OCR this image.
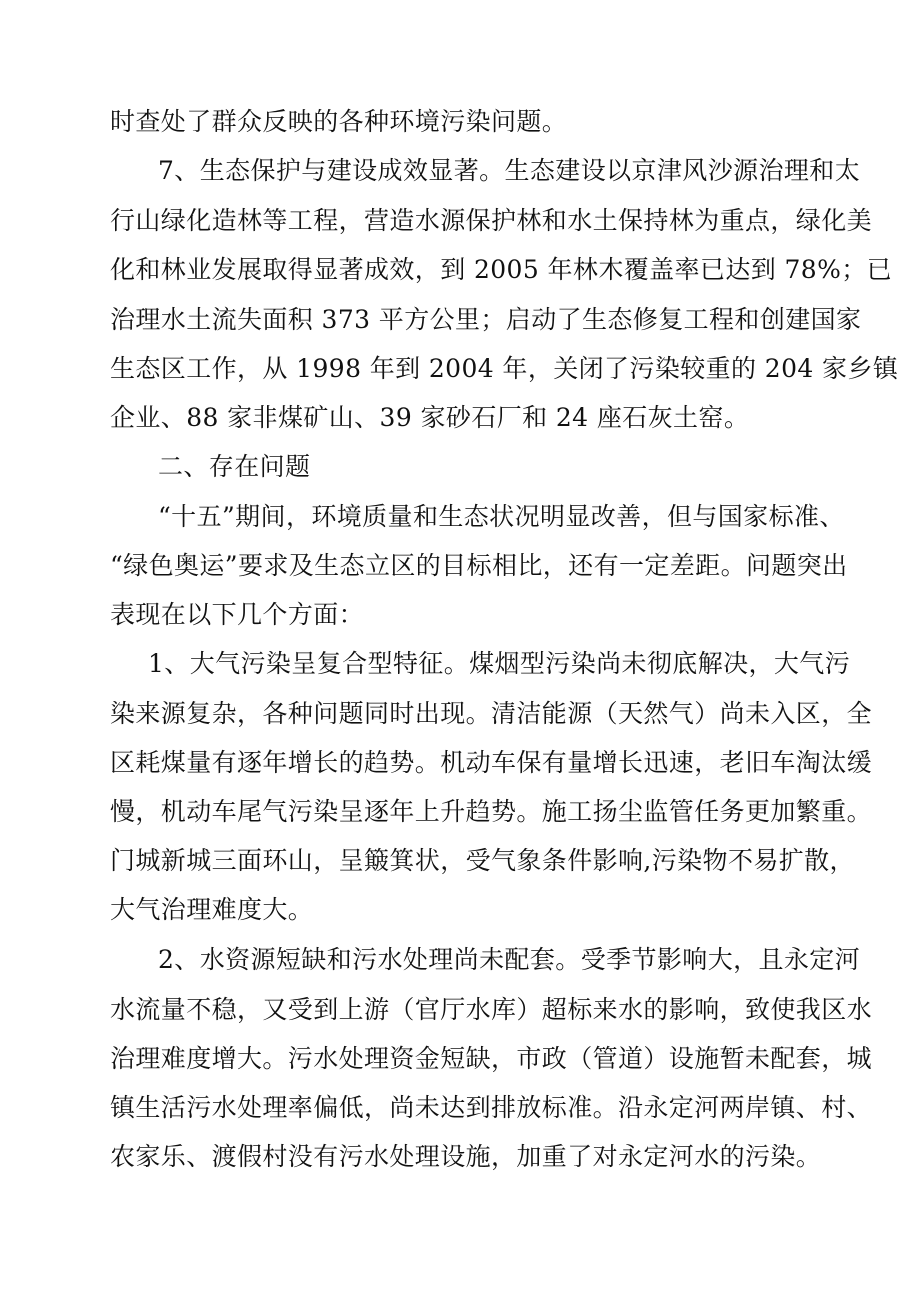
时查处了群众反映的各种环境污染问题。
7、生态保护与建设成效显著。生态建设以京津风沙源治理和太
行山绿化造林等工程，营造水源保护林和水土保持林为重点，绿化美
化和林业发展取得显著成效，到 2005 年林木覆盖率已达到 78%；已
治理水土流失面积 373 平方公里；启动了生态修复工程和创建国家
生态区工作，从 1998 年到 2004 年，关闭了污染较重的 204 家乡镇
企业、88 家非煤矿山、39 家砂石厂和 24 座石灰土窑。
二、存在问题
“十五”期间，环境质量和生态状况明显改善，但与国家标准、
“绿色奥运”要求及生态立区的目标相比，还有一定差距。问题突出
表现在以下几个方面：
1、大气污染呈复合型特征。煤烟型污染尚未彻底解决，大气污
染来源复杂，各种问题同时出现。清洁能源（天然气）尚未入区，全
区耗煤量有逐年增长的趋势。机动车保有量增长迅速，老旧车淘汰缓
慢，机动车尾气污染呈逐年上升趋势。施工扬尘监管任务更加繁重。
门城新城三面环山，呈簸箕状，受气象条件影响,污染物不易扩散，
大气治理难度大。
2、水资源短缺和污水处理尚未配套。受季节影响大，且永定河
水流量不稳，又受到上游（官厅水库）超标来水的影响，致使我区水
治理难度增大。污水处理资金短缺，市政（管道）设施暂未配套，城
镇生活污水处理率偏低，尚未达到排放标准。沿永定河两岸镇、村、
农家乐、渡假村没有污水处理设施，加重了对永定河水的污染。
